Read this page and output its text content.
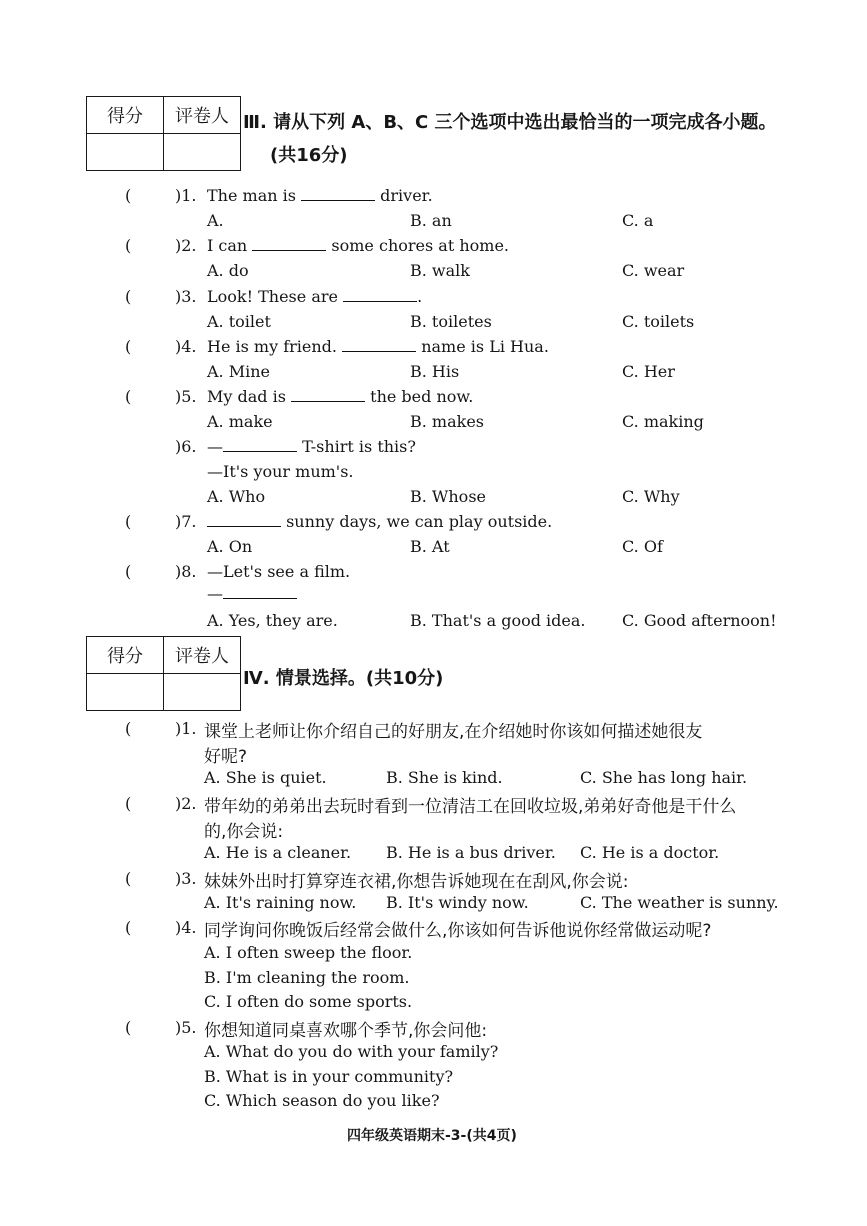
得分	评卷人
	Ⅲ. 请从下列 A、B、C 三个选项中选出最恰当的一项完成各小题。
(共16分)
(	)1. The man is	driver.
A.	B. an	C. a
(	)2. I can	some chores at home.
A. do	B. walk	C. wear
(	)3. Look! These are	.
A. toilet	B. toiletes	C. toilets
(	)4. He is my friend.	name is Li Hua.
A. Mine	B. His	C. Her
(	)5. My dad is	the bed now.
A. make	B. makes	C. making
)6. —	T-shirt is this?
—It's your mum's.
A. Who	B. Whose	C. Why
(	)7.	sunny days, we can play outside.
A. On	B. At	C. Of
(	)8. —Let's see a film.
—
A. Yes, they are.	B. That's a good idea. C. Good afternoon!
得分	评卷人

Ⅳ. 情景选择。(共10分)
(	)1. 课堂上老师让你介绍自己的好朋友,在介绍她时你该如何描述她很友
好呢?
A. She is quiet.	B. She is kind.	C. She has long hair.
(	)2. 带年幼的弟弟出去玩时看到一位清洁工在回收垃圾,弟弟好奇他是干什么
的,你会说:
A. He is a cleaner. B. He is a bus driver. C. He is a doctor.
(	)3. 妹妹外出时打算穿连衣裙,你想告诉她现在在刮风,你会说:
A. It's raining now. B. It's windy now.	C. The weather is sunny.
(	)4. 同学询问你晚饭后经常会做什么,你该如何告诉他说你经常做运动呢?
A. I often sweep the floor.
B. I'm cleaning the room.
C. I often do some sports.
(	)5. 你想知道同桌喜欢哪个季节,你会问他:
A. What do you do with your family?
B. What is in your community?
C. Which season do you like?
四年级英语期末-3-(共4页)
